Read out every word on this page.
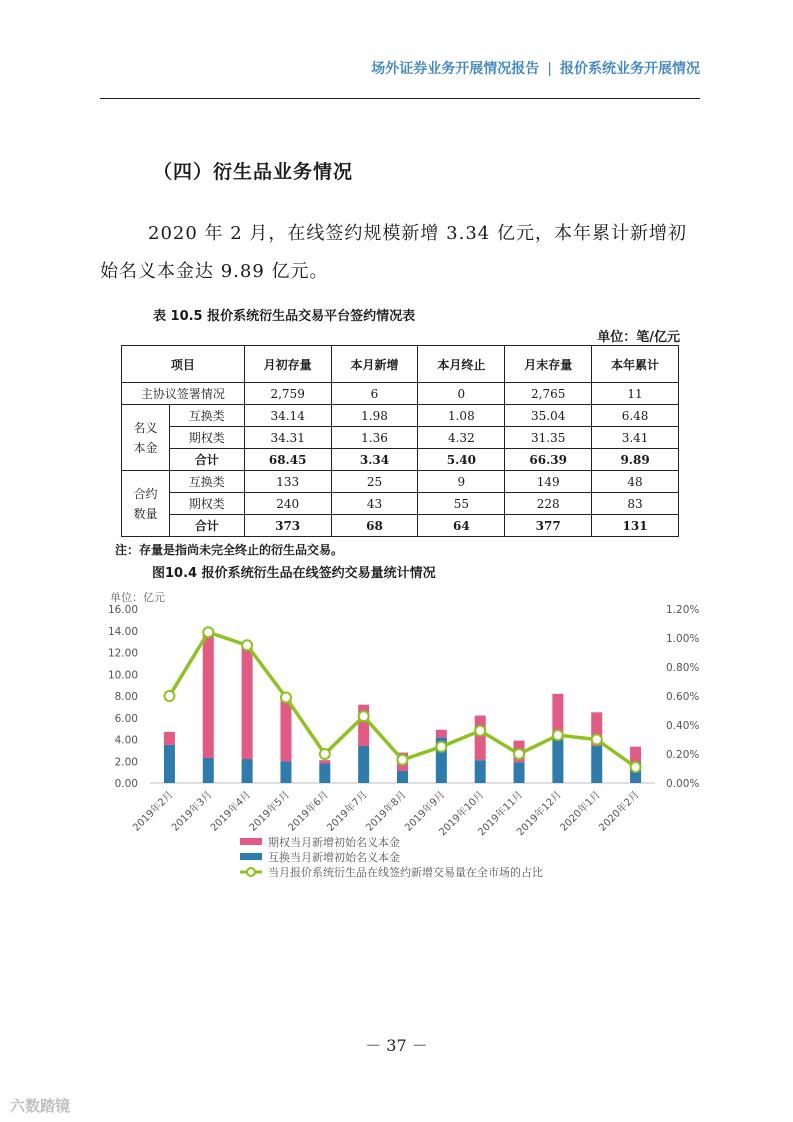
场外证券业务开展情况报告 | 报价系统业务开展情况
（四）衍生品业务情况
2020 年 2 月，在线签约规模新增 3.34 亿元，本年累计新增初始名义本金达 9.89 亿元。
表 10.5 报价系统衍生品交易平台签约情况表
单位：笔/亿元
项目		月初存量	本月新增	本月终止	月末存量	本年累计
主协议签署情况		2,759	6	0	2,765	11
名义
本金	互换类	34.14	1.98	1.08	35.04	6.48
	期权类	34.31	1.36	4.32	31.35	3.41
	合计	68.45	3.34	5.40	66.39	9.89
合约
数量	互换类	133	25	9	149	48
	期权类	240	43	55	228	83
	合计	373	68	64	377	131
注：存量是指尚未完全终止的衍生品交易。
图10.4 报价系统衍生品在线签约交易量统计情况
单位：亿元
0.00
2.00
4.00
6.00
8.00
10.00
12.00
14.00
16.00
0.00%
0.20%
0.40%
0.60%
0.80%
1.00%
1.20%
2019年2月
2019年3月
2019年4月
2019年5月
2019年6月
2019年7月
2019年8月
2019年9月
2019年10月
2019年11月
2019年12月
2020年1月
2020年2月
期权当月新增初始名义本金
互换当月新增初始名义本金
当月报价系统衍生品在线签约新增交易量在全市场的占比
－ 37 －
六数踏镜
